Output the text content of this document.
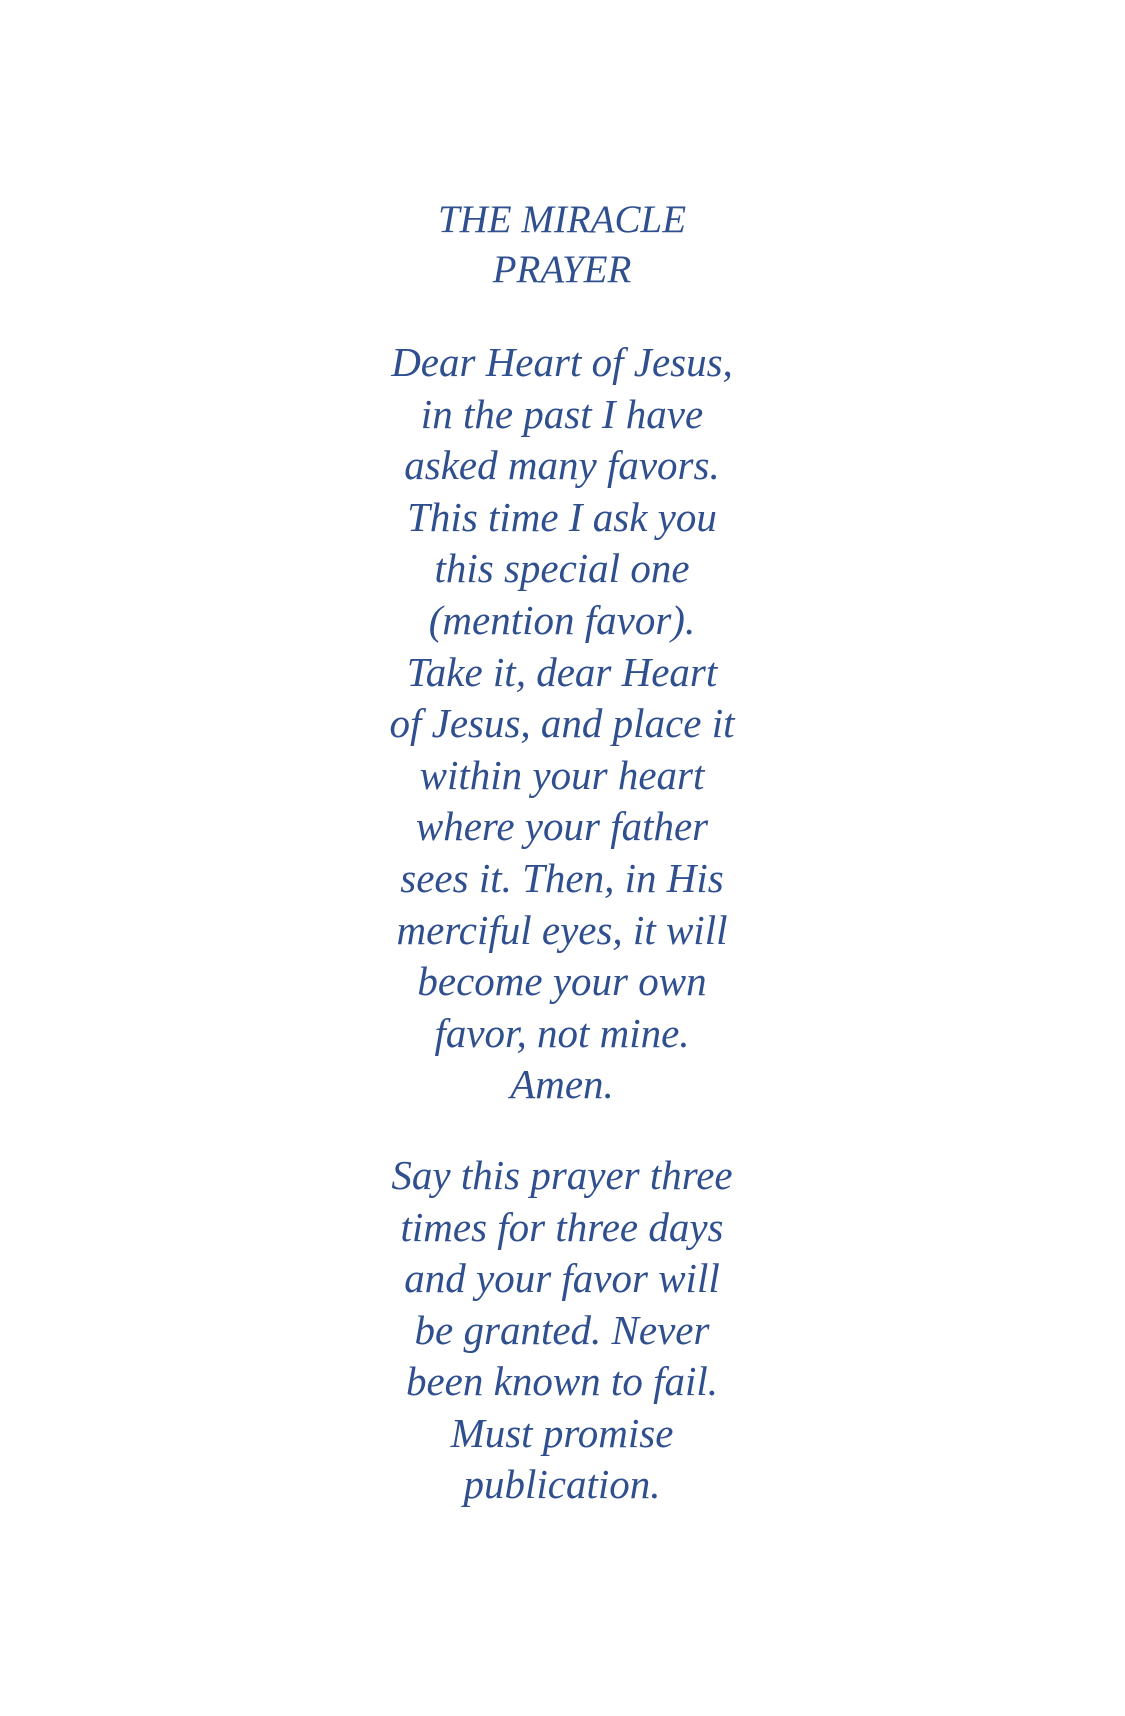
THE MIRACLE
PRAYER
Dear Heart of Jesus,
in the past I have
asked many favors.
This time I ask you
this special one
(mention favor).
Take it, dear Heart
of Jesus, and place it
within your heart
where your father
sees it. Then, in His
merciful eyes, it will
become your own
favor, not mine.
Amen.
Say this prayer three
times for three days
and your favor will
be granted. Never
been known to fail.
Must promise
publication.
